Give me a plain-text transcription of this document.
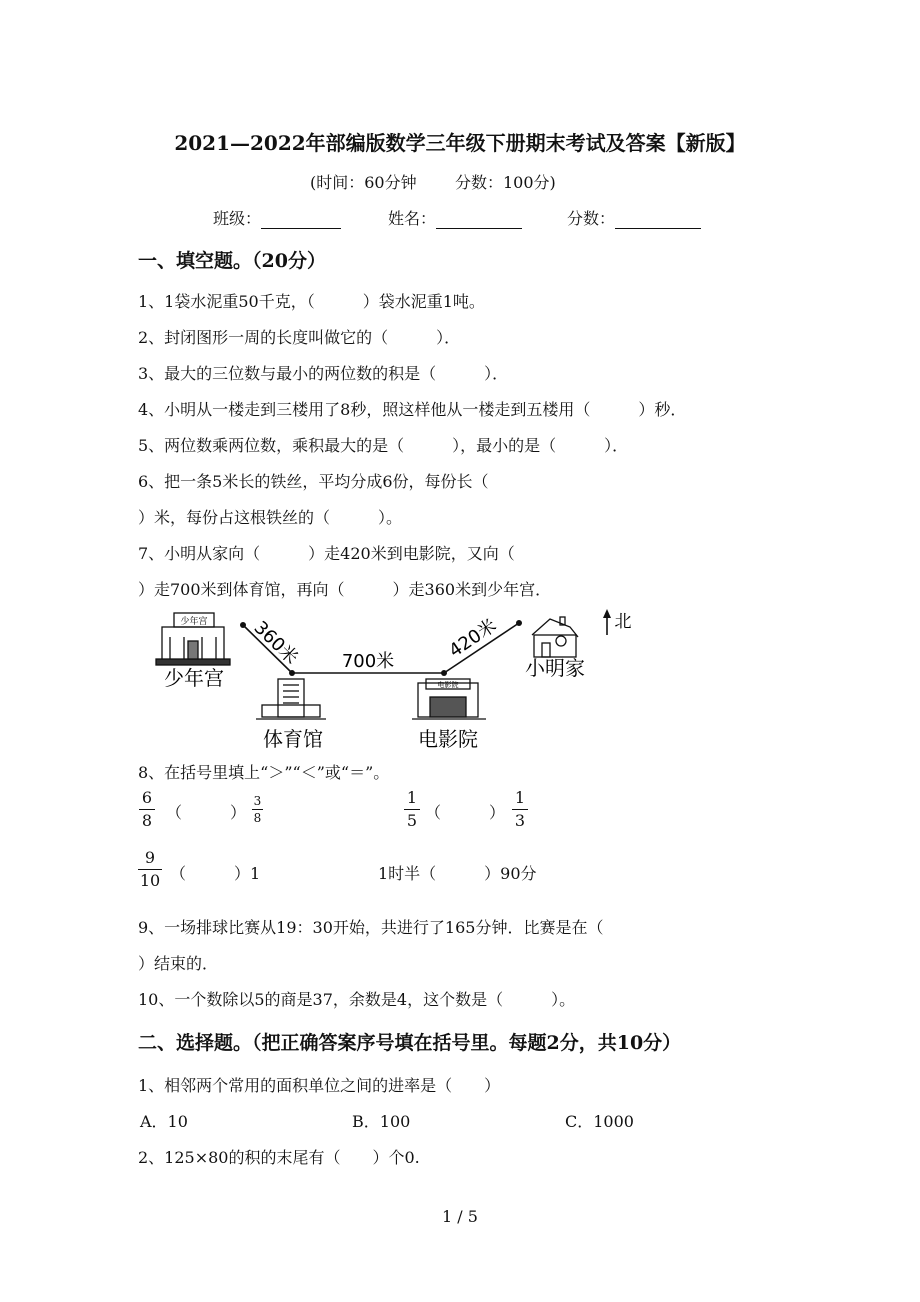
2021—2022年部编版数学三年级下册期末考试及答案【新版】
(时间：60分钟 分数：100分)
班级：	姓名：	分数：
一、填空题。（20分）
1、1袋水泥重50千克，（　　　）袋水泥重1吨。
2、封闭图形一周的长度叫做它的（　　　）．
3、最大的三位数与最小的两位数的积是（　　　）．
4、小明从一楼走到三楼用了8秒，照这样他从一楼走到五楼用（　　　）秒．
5、两位数乘两位数，乘积最大的是（　　　），最小的是（　　　）．
6、把一条5米长的铁丝，平均分成6份，每份长（
）米，每份占这根铁丝的（　　　）。
7、小明从家向（　　　）走420米到电影院，又向（
）走700米到体育馆，再向（　　　）走360米到少年宫．
少年宫
少年宫
360米 700米	420米
体育馆
电影院
电影院
小明家
北
8、在括号里填上“＞”“＜”或“＝”。
6
8 （　　　）
3
8
1
5 （　　　）
1
3
9
10 （　　　）1	1时半（　　　）90分
9、一场排球比赛从19：30开始，共进行了165分钟．比赛是在（
）结束的．
10、一个数除以5的商是37，余数是4，这个数是（　　　）。
二、选择题。（把正确答案序号填在括号里。每题2分，共10分）
1、相邻两个常用的面积单位之间的进率是（　　）
A．10	B．100	C．1000
2、125×80的积的末尾有（　　）个0.
1 / 5
